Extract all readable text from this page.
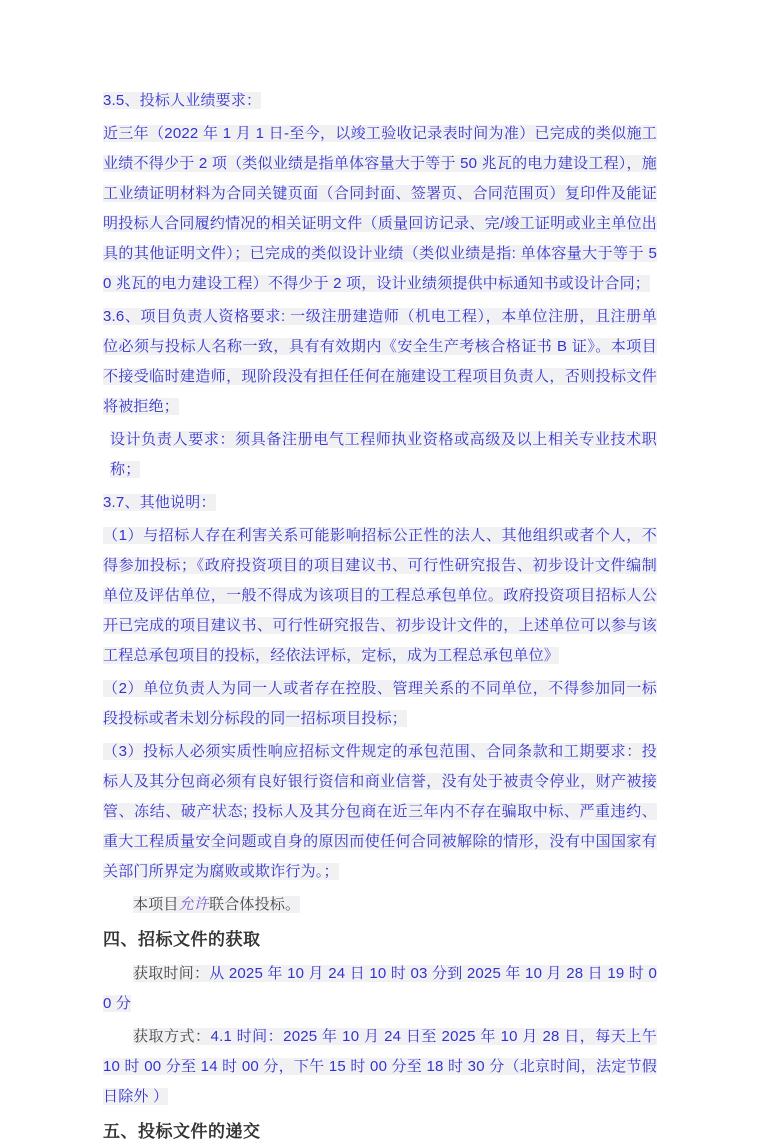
3.5、投标人业绩要求：

近三年（2022 年 1 月 1 日-至今，以竣工验收记录表时间为准）已完成的类似施工业绩不得少于 2 项（类似业绩是指单体容量大于等于 50 兆瓦的电力建设工程），施工业绩证明材料为合同关键页面（合同封面、签署页、合同范围页）复印件及能证明投标人合同履约情况的相关证明文件（质量回访记录、完/竣工证明或业主单位出具的其他证明文件）；已完成的类似设计业绩（类似业绩是指: 单体容量大于等于 50 兆瓦的电力建设工程）不得少于 2 项，设计业绩须提供中标通知书或设计合同；

3.6、项目负责人资格要求: 一级注册建造师（机电工程），本单位注册，且注册单位必须与投标人名称一致，具有有效期内《安全生产考核合格证书 B 证》。本项目不接受临时建造师，现阶段没有担任任何在施建设工程项目负责人，否则投标文件将被拒绝；

设计负责人要求：须具备注册电气工程师执业资格或高级及以上相关专业技术职称；

3.7、其他说明：

（1）与招标人存在利害关系可能影响招标公正性的法人、其他组织或者个人，不得参加投标；《政府投资项目的项目建议书、可行性研究报告、初步设计文件编制单位及评估单位，一般不得成为该项目的工程总承包单位。政府投资项目招标人公开已完成的项目建议书、可行性研究报告、初步设计文件的，上述单位可以参与该工程总承包项目的投标，经依法评标，定标，成为工程总承包单位》

（2）单位负责人为同一人或者存在控股、管理关系的不同单位，不得参加同一标段投标或者未划分标段的同一招标项目投标；

（3）投标人必须实质性响应招标文件规定的承包范围、合同条款和工期要求：投标人及其分包商必须有良好银行资信和商业信誉，没有处于被责令停业，财产被接管、冻结、破产状态; 投标人及其分包商在近三年内不存在骗取中标、严重违约、重大工程质量安全问题或自身的原因而使任何合同被解除的情形，没有中国国家有关部门所界定为腐败或欺诈行为。；

本项目允许联合体投标。

四、招标文件的获取

获取时间：从 2025 年 10 月 24 日 10 时 03 分到 2025 年 10 月 28 日 19 时 00 分

获取方式：4.1 时间：2025 年 10 月 24 日至 2025 年 10 月 28 日，每天上午 10 时 00 分至 14 时 00 分，下午 15 时 00 分至 18 时 30 分（北京时间，法定节假日除外 ）

五、投标文件的递交
